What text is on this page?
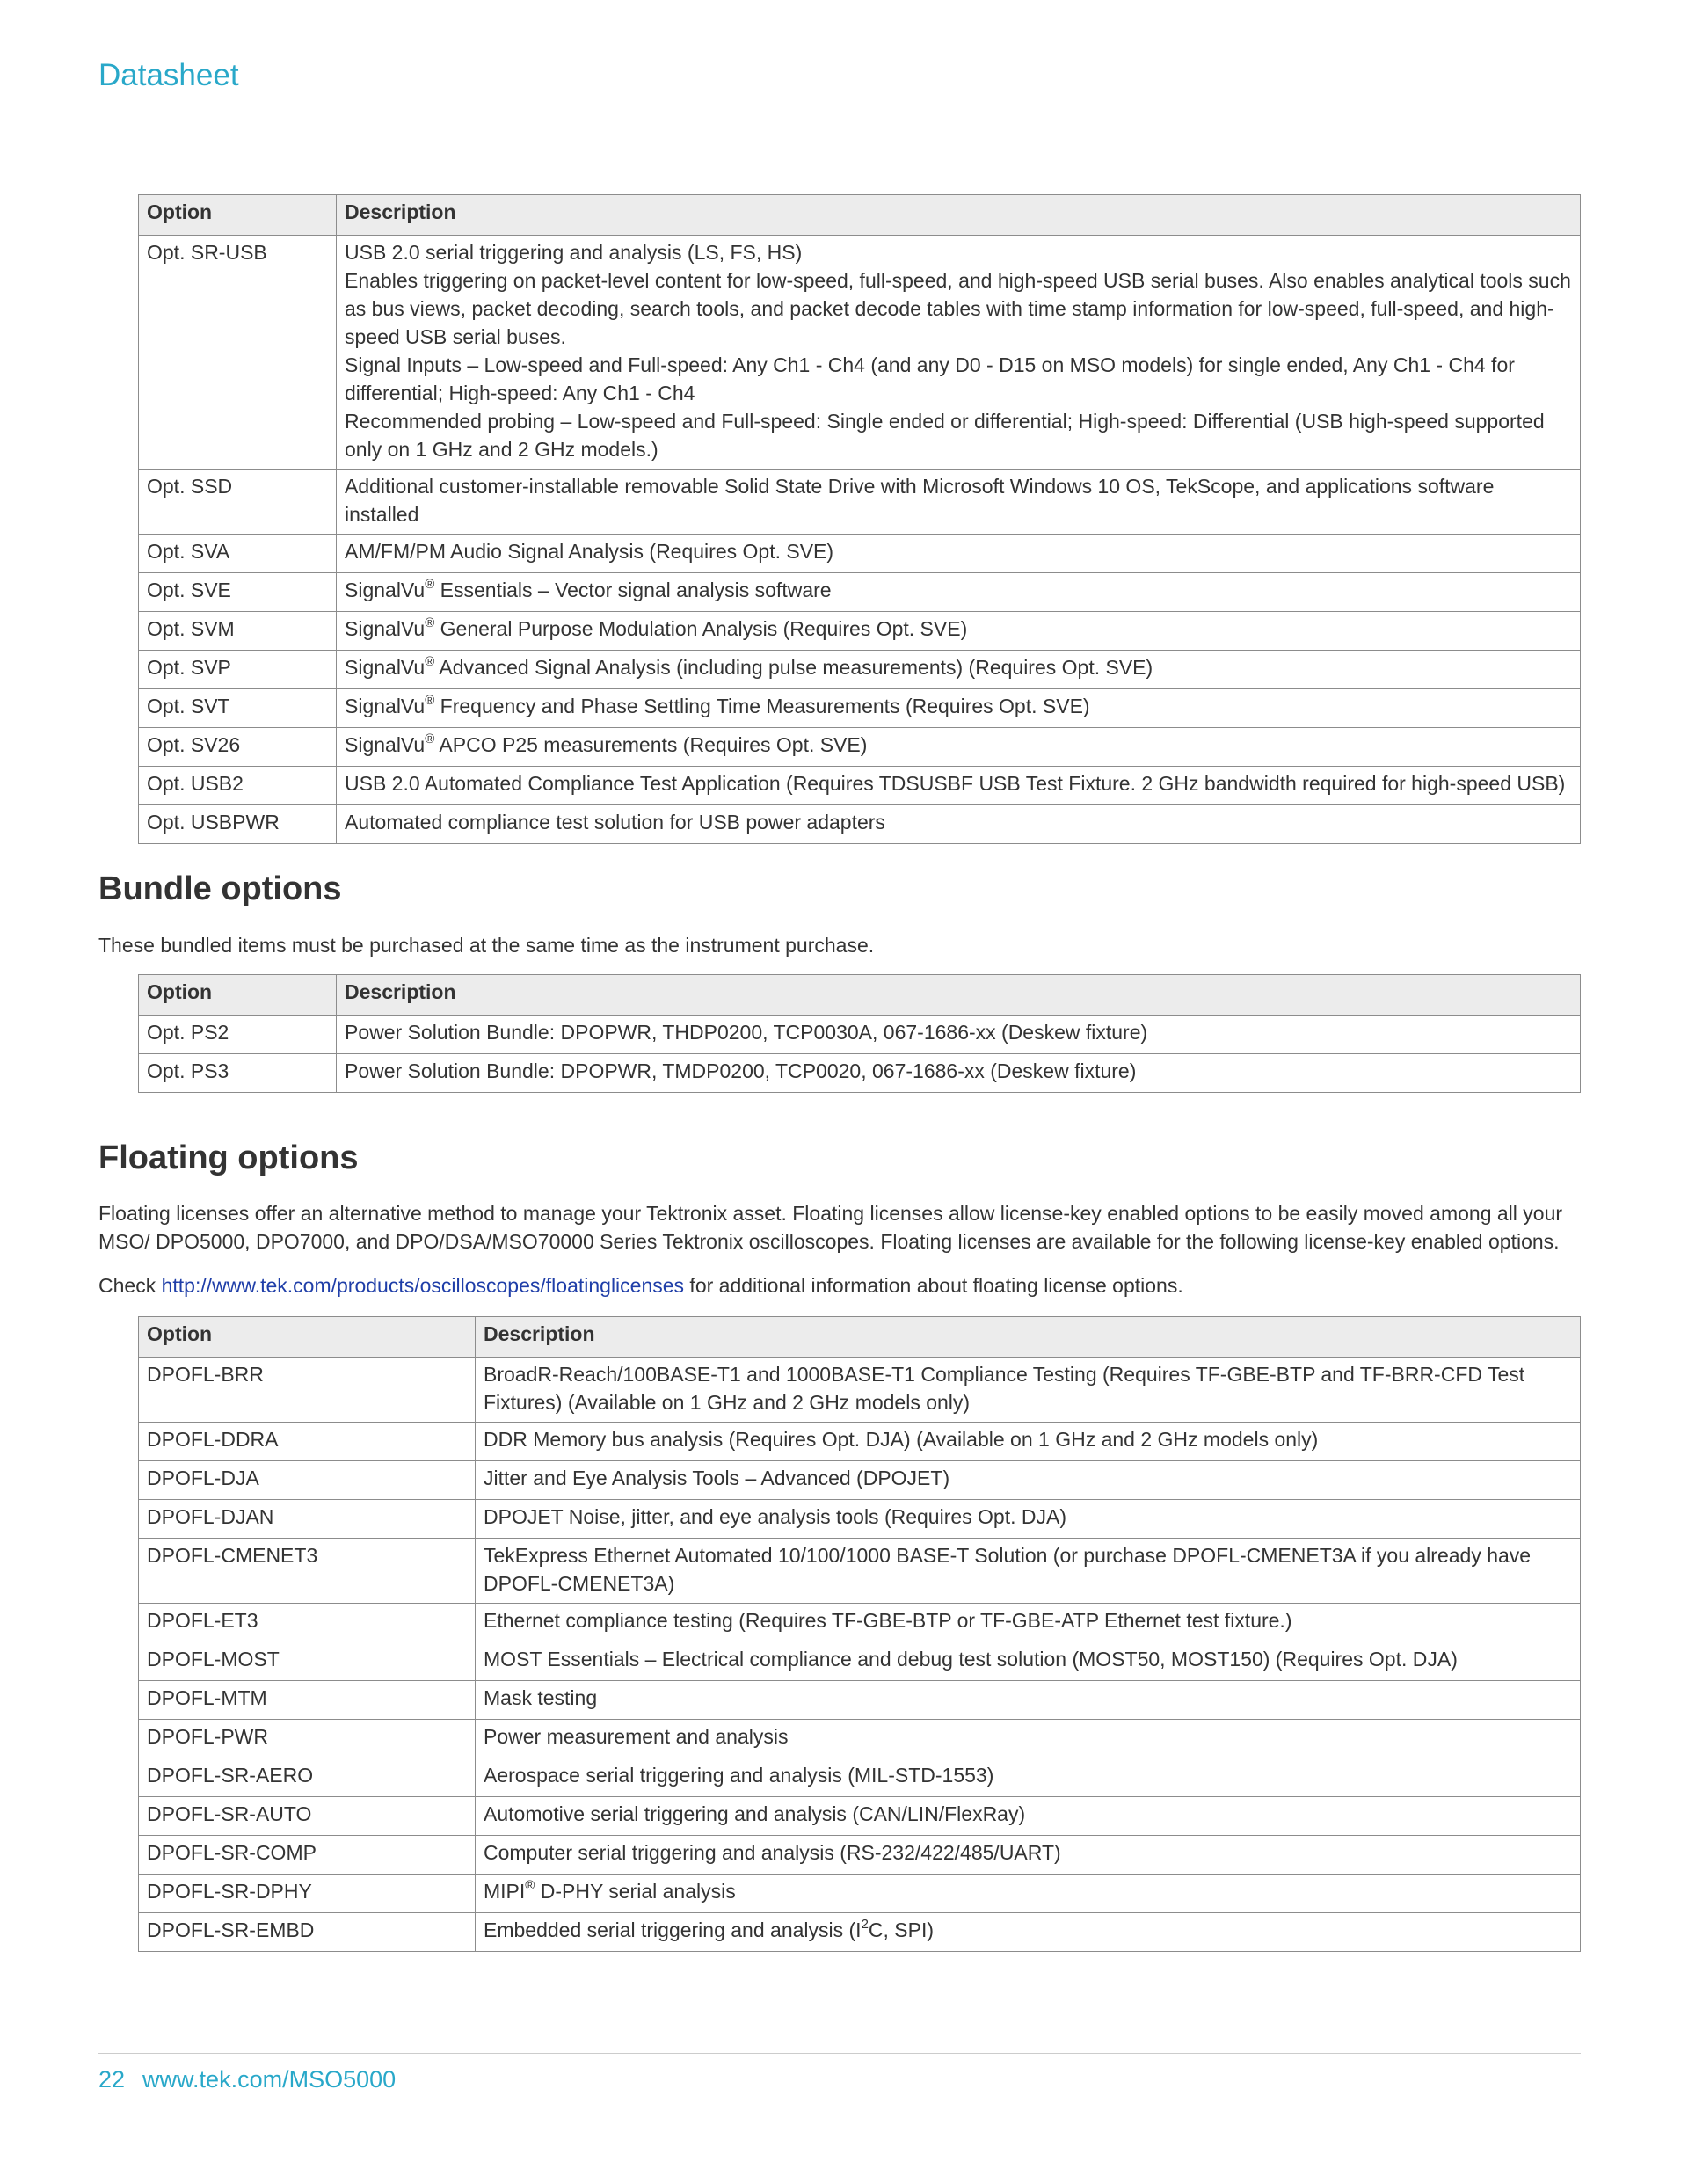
Datasheet
Option	Description
Opt. SR-USB	USB 2.0 serial triggering and analysis (LS, FS, HS)
Enables triggering on packet-level content for low-speed, full-speed, and high-speed USB serial buses. Also enables analytical tools such as bus views, packet decoding, search tools, and packet decode tables with time stamp information for low-speed, full-speed, and high-speed USB serial buses.
Signal Inputs – Low-speed and Full-speed: Any Ch1 - Ch4 (and any D0 - D15 on MSO models) for single ended, Any Ch1 - Ch4 for differential; High-speed: Any Ch1 - Ch4
Recommended probing – Low-speed and Full-speed: Single ended or differential; High-speed: Differential (USB high-speed supported only on 1 GHz and 2 GHz models.)

Opt. SSD	Additional customer-installable removable Solid State Drive with Microsoft Windows 10 OS, TekScope, and applications software installed
Opt. SVA	AM/FM/PM Audio Signal Analysis (Requires Opt. SVE)
Opt. SVE	SignalVu® Essentials – Vector signal analysis software
Opt. SVM	SignalVu® General Purpose Modulation Analysis (Requires Opt. SVE)
Opt. SVP	SignalVu® Advanced Signal Analysis (including pulse measurements) (Requires Opt. SVE)
Opt. SVT	SignalVu® Frequency and Phase Settling Time Measurements (Requires Opt. SVE)
Opt. SV26	SignalVu® APCO P25 measurements (Requires Opt. SVE)
Opt. USB2	USB 2.0 Automated Compliance Test Application (Requires TDSUSBF USB Test Fixture. 2 GHz bandwidth required for high-speed USB)
Opt. USBPWR	Automated compliance test solution for USB power adapters
Bundle options
These bundled items must be purchased at the same time as the instrument purchase.
Option	Description
Opt. PS2	Power Solution Bundle: DPOPWR, THDP0200, TCP0030A, 067-1686-xx (Deskew fixture)
Opt. PS3	Power Solution Bundle: DPOPWR, TMDP0200, TCP0020, 067-1686-xx (Deskew fixture)
Floating options
Floating licenses offer an alternative method to manage your Tektronix asset. Floating licenses allow license-key enabled options to be easily moved among all your MSO/ DPO5000, DPO7000, and DPO/DSA/MSO70000 Series Tektronix oscilloscopes. Floating licenses are available for the following license-key enabled options.
Check http://www.tek.com/products/oscilloscopes/floatinglicenses for additional information about floating license options.
Option	Description
DPOFL-BRR	BroadR-Reach/100BASE-T1 and 1000BASE-T1 Compliance Testing (Requires TF-GBE-BTP and TF-BRR-CFD Test Fixtures) (Available on 1 GHz and 2 GHz models only)
DPOFL-DDRA	DDR Memory bus analysis (Requires Opt. DJA) (Available on 1 GHz and 2 GHz models only)
DPOFL-DJA	Jitter and Eye Analysis Tools – Advanced (DPOJET)
DPOFL-DJAN	DPOJET Noise, jitter, and eye analysis tools (Requires Opt. DJA)
DPOFL-CMENET3	TekExpress Ethernet Automated 10/100/1000 BASE-T Solution (or purchase DPOFL-CMENET3A if you already have DPOFL-CMENET3A)
DPOFL-ET3	Ethernet compliance testing (Requires TF-GBE-BTP or TF-GBE-ATP Ethernet test fixture.)
DPOFL-MOST	MOST Essentials – Electrical compliance and debug test solution (MOST50, MOST150) (Requires Opt. DJA)
DPOFL-MTM	Mask testing
DPOFL-PWR	Power measurement and analysis
DPOFL-SR-AERO	Aerospace serial triggering and analysis (MIL-STD-1553)
DPOFL-SR-AUTO	Automotive serial triggering and analysis (CAN/LIN/FlexRay)
DPOFL-SR-COMP	Computer serial triggering and analysis (RS-232/422/485/UART)
DPOFL-SR-DPHY	MIPI® D-PHY serial analysis
DPOFL-SR-EMBD	Embedded serial triggering and analysis ($I^2C$, SPI)
22 www.tek.com/MSO5000
